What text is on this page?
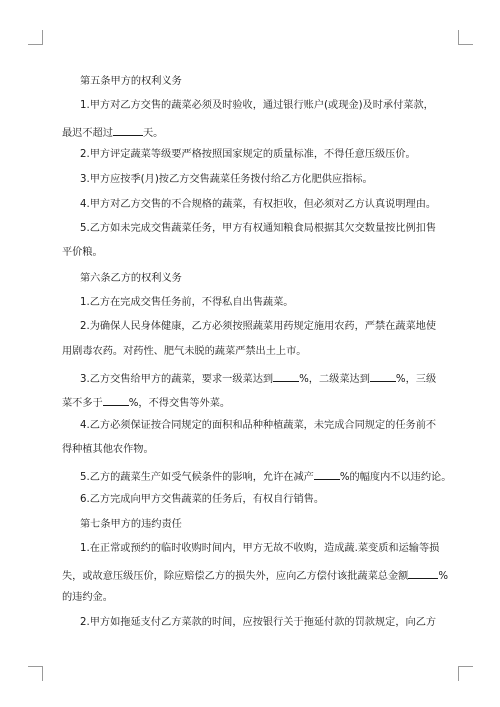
第五条甲方的权利义务
1.甲方对乙方交售的蔬菜必须及时验收，通过银行账户(或现金)及时承付菜款，
最迟不超过	天。
2.甲方评定蔬菜等级要严格按照国家规定的质量标准，不得任意压级压价。
3.甲方应按季(月)按乙方交售蔬菜任务拨付给乙方化肥供应指标。
4.甲方对乙方交售的不合规格的蔬菜，有权拒收，但必须对乙方认真说明理由。
5.乙方如未完成交售蔬菜任务，甲方有权通知粮食局根据其欠交数量按比例扣售
平价粮。
第六条乙方的权利义务
1.乙方在完成交售任务前，不得私自出售蔬菜。
2.为确保人民身体健康，乙方必须按照蔬菜用药规定施用农药，严禁在蔬菜地使
用剧毒农药。对药性、肥气未脱的蔬菜严禁出土上市。
3.乙方交售给甲方的蔬菜，要求一级菜达到	%，二级菜达到	%，三级
菜不多于	%，不得交售等外菜。
4.乙方必须保证按合同规定的面积和品种种植蔬菜，未完成合同规定的任务前不
得种植其他农作物。
5.乙方的蔬菜生产如受气候条件的影响，允许在减产	%的幅度内不以违约论。
6.乙方完成向甲方交售蔬菜的任务后，有权自行销售。
第七条甲方的违约责任
1.在正常或预约的临时收购时间内，甲方无故不收购，造成蔬.菜变质和运输等损
失，或故意压级压价，除应赔偿乙方的损失外，应向乙方偿付该批蔬菜总金额	%
的违约金。
2.甲方如拖延支付乙方菜款的时间，应按银行关于拖延付款的罚款规定，向乙方
